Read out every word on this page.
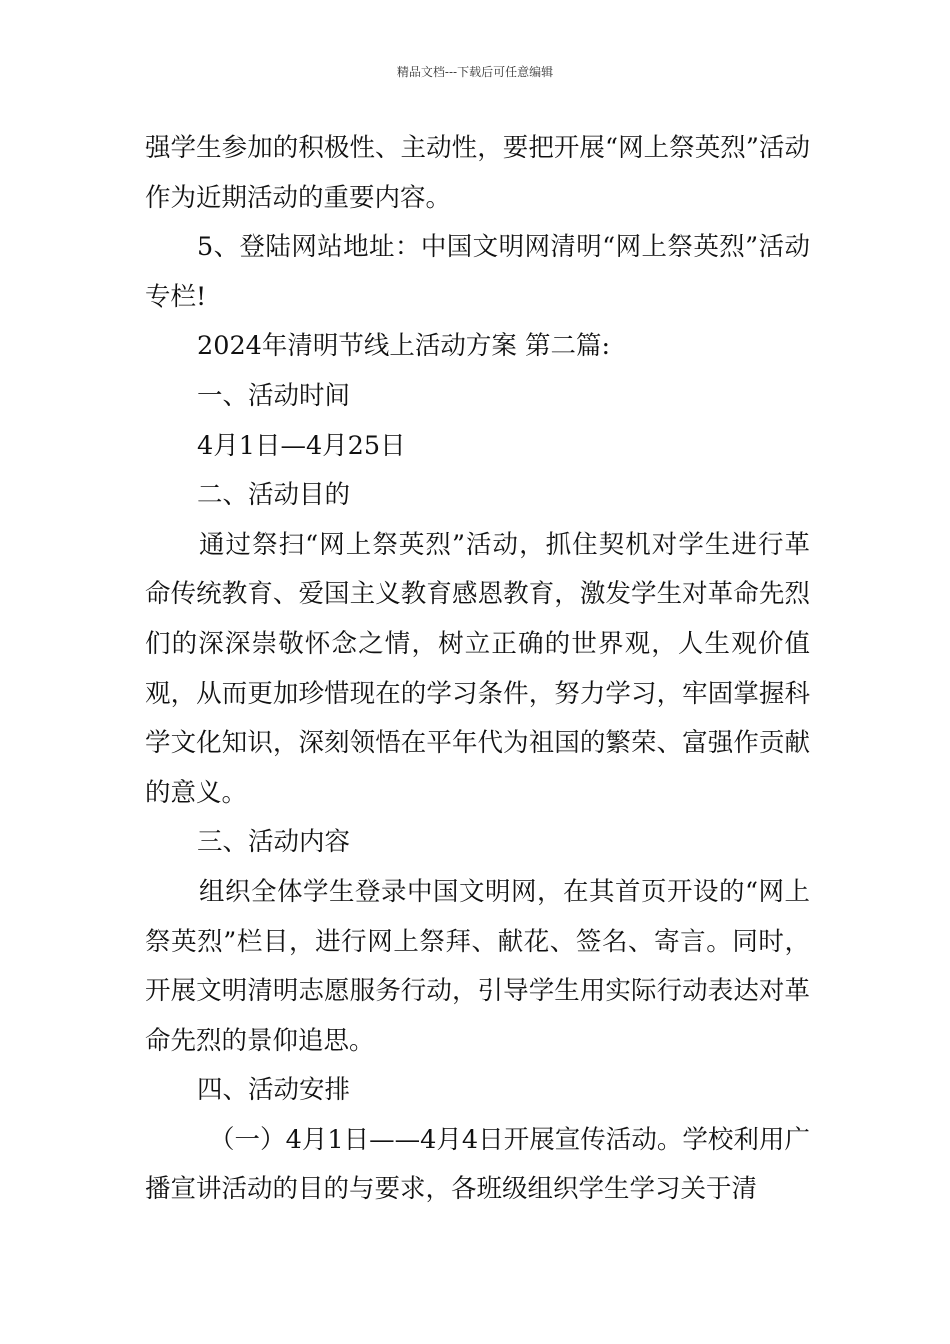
精品文档---下载后可任意编辑

强学生参加的积极性、主动性，要把开展“网上祭英烈”活动作为近期活动的重要内容。

5、登陆网站地址：中国文明网清明“网上祭英烈”活动专栏!

2024年清明节线上活动方案 第二篇:

一、活动时间

4月1日—4月25日

二、活动目的

通过祭扫“网上祭英烈”活动，抓住契机对学生进行革命传统教育、爱国主义教育感恩教育，激发学生对革命先烈们的深深崇敬怀念之情，树立正确的世界观，人生观价值观，从而更加珍惜现在的学习条件，努力学习，牢固掌握科学文化知识，深刻领悟在平年代为祖国的繁荣、富强作贡献的意义。

三、活动内容

组织全体学生登录中国文明网，在其首页开设的“网上祭英烈”栏目，进行网上祭拜、献花、签名、寄言。同时，开展文明清明志愿服务行动，引导学生用实际行动表达对革命先烈的景仰追思。

四、活动安排

（一）4月1日——4月4日开展宣传活动。学校利用广播宣讲活动的目的与要求，各班级组织学生学习关于清
